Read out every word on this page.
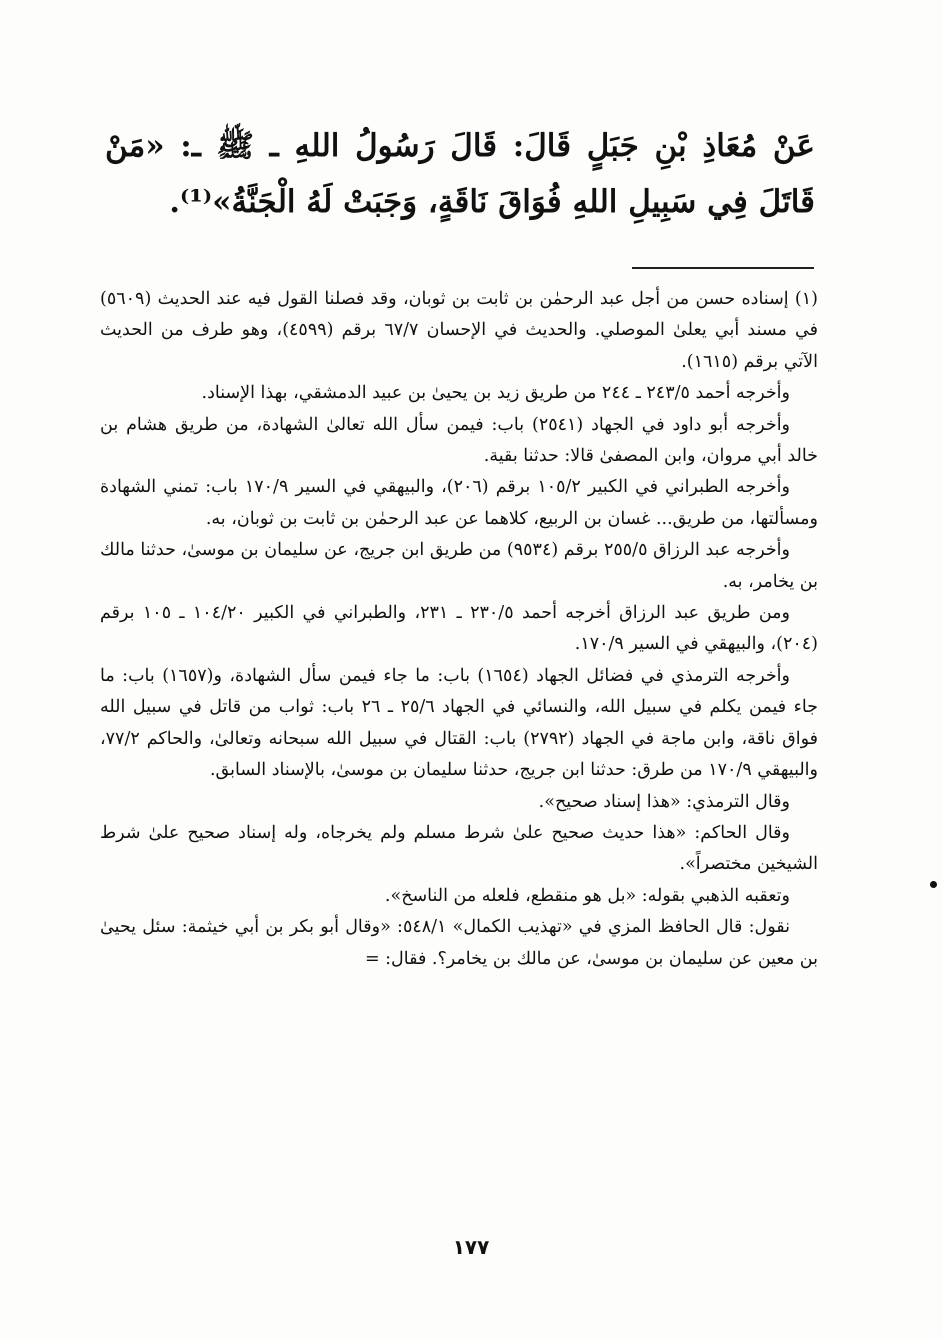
عَنْ مُعَاذِ بْنِ جَبَلٍ قَالَ: قَالَ رَسُولُ اللهِ ـ ﷺ ـ: «مَنْ قَاتَلَ فِي سَبِيلِ اللهِ فُوَاقَ نَاقَةٍ، وَجَبَتْ لَهُ الْجَنَّةُ»⁽¹⁾.

(١) إسناده حسن من أجل عبد الرحمٰن بن ثابت بن ثوبان، وقد فصلنا القول فيه عند الحديث (٥٦٠٩) في مسند أبي يعلىٰ الموصلي. والحديث في الإحسان ٦٧/٧ برقم (٤٥٩٩)، وهو طرف من الحديث الآتي برقم (١٦١٥).

وأخرجه أحمد ٢٤٣/٥ ـ ٢٤٤ من طريق زيد بن يحيىٰ بن عبيد الدمشقي، بهذا الإسناد.

وأخرجه أبو داود في الجهاد (٢٥٤١) باب: فيمن سأل الله تعالىٰ الشهادة، من طريق هشام بن خالد أبي مروان، وابن المصفىٰ قالا: حدثنا بقية.

وأخرجه الطبراني في الكبير ١٠٥/٢ برقم (٢٠٦)، والبيهقي في السير ١٧٠/٩ باب: تمني الشهادة ومسألتها، من طريق... غسان بن الربيع، كلاهما عن عبد الرحمٰن بن ثابت بن ثوبان، به.

وأخرجه عبد الرزاق ٢٥٥/٥ برقم (٩٥٣٤) من طريق ابن جريج، عن سليمان بن موسىٰ، حدثنا مالك بن يخامر، به.

ومن طريق عبد الرزاق أخرجه أحمد ٢٣٠/٥ ـ ٢٣١، والطبراني في الكبير ١٠٤/٢٠ ـ ١٠٥ برقم (٢٠٤)، والبيهقي في السير ١٧٠/٩.

وأخرجه الترمذي في فضائل الجهاد (١٦٥٤) باب: ما جاء فيمن سأل الشهادة، و(١٦٥٧) باب: ما جاء فيمن يكلم في سبيل الله، والنسائي في الجهاد ٢٥/٦ ـ ٢٦ باب: ثواب من قاتل في سبيل الله فواق ناقة، وابن ماجة في الجهاد (٢٧٩٢) باب: القتال في سبيل الله سبحانه وتعالىٰ، والحاكم ٧٧/٢، والبيهقي ١٧٠/٩ من طرق: حدثنا ابن جريج، حدثنا سليمان بن موسىٰ، بالإسناد السابق.

وقال الترمذي: «هذا إسناد صحيح».

وقال الحاكم: «هذا حديث صحيح علىٰ شرط مسلم ولم يخرجاه، وله إسناد صحيح علىٰ شرط الشيخين مختصراً».

وتعقبه الذهبي بقوله: «بل هو منقطع، فلعله من الناسخ».

نقول: قال الحافظ المزي في «تهذيب الكمال» ٥٤٨/١: «وقال أبو بكر بن أبي خيثمة: سئل يحيىٰ بن معين عن سليمان بن موسىٰ، عن مالك بن يخامر؟. فقال: =

١٧٧
